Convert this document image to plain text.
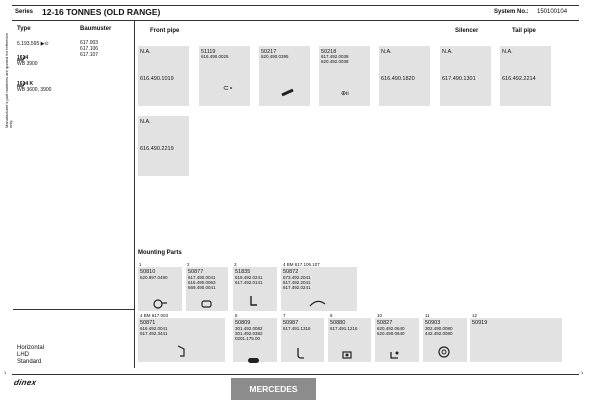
Series 12-16 TONNES (OLD RANGE)	System No.: 150100104
Type	Baumuster
Manufacturer's part numbers are quoted for reference only.
5.193.595 ▶⊙
1614
WB 3900
617.003
617.106
617.107
1614 K
WB 3600, 3900
Horizontal
LHD
Standard
Front pipe	Silencer	Tail pipe
N.A.
616.490.1019
51119
616.490.0025
⊂∘
50217
620.490.0395
50218
617.492.0038
620.492.0038
⊕ιι
N.A.
616.490.1820
N.A.
617.490.1301
N.A.
616.492.2214
N.A.
616.490.2219
Mounting Parts
1
50810
620.997.0490
2
50877
617.490.0041
616.490.0063
669.490.0041
3
51835
619.492.0241
617.492.0141
4 BM 617.106.107
50872
673.492.2041
617.492.2041
617.492.0241
4 BM 617.003
50871
616.492.0041
617.492.3441
5
50809
301.492.0082
301.492.0382
0201.175.00
7
50987
617.491.1316
8
50880
617.491.1216
10
50827
620.492.0640
620.490.0640
11
50903
302.490.0080
442.492.0080
12
50919
1	1
dinex
MERCEDES
